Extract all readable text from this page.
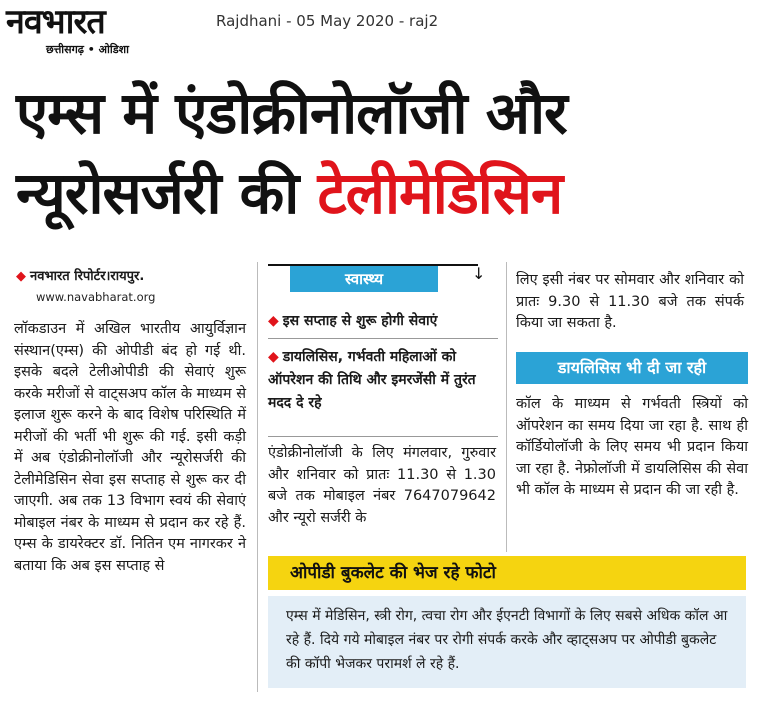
नवभारत
छत्तीसगढ़ • ओडिशा
Rajdhani - 05 May 2020 - raj2
एम्स में एंडोक्रीनोलॉजी और
न्यूरोसर्जरी की टेलीमेडिसिन
◆ नवभारत रिपोर्टर।रायपुर.
www.navabharat.org

लॉकडाउन में अखिल भारतीय आयुर्विज्ञान संस्थान(एम्स) की ओपीडी बंद हो गई थी. इसके बदले टेलीओपीडी की सेवाएं शुरू करके मरीजों से वाट्सअप कॉल के माध्यम से इलाज शुरू करने के बाद विशेष परिस्थिति में मरीजों की भर्ती भी शुरू की गई. इसी कड़ी में अब एंडोक्रीनोलॉजी और न्यूरोसर्जरी की टेलीमेडिसिन सेवा इस सप्ताह से शुरू कर दी जाएगी. अब तक 13 विभाग स्वयं की सेवाएं मोबाइल नंबर के माध्यम से प्रदान कर रहे हैं. एम्स के डायरेक्टर डॉ. नितिन एम नागरकर ने बताया कि अब इस सप्ताह से

स्वास्थ्य	↓
◆ इस सप्ताह से शुरू होगी सेवाएं
◆ डायलिसिस, गर्भवती महिलाओं को ऑपरेशन की तिथि और इमरजेंसी में तुरंत मदद दे रहे

एंडोक्रीनोलॉजी के लिए मंगलवार, गुरुवार और शनिवार को प्रातः 11.30 से 1.30 बजे तक मोबाइल नंबर 7647079642 और न्यूरो सर्जरी के

लिए इसी नंबर पर सोमवार और शनिवार को प्रातः 9.30 से 11.30 बजे तक संपर्क किया जा सकता है.

डायलिसिस भी दी जा रही

कॉल के माध्यम से गर्भवती स्त्रियों को ऑपरेशन का समय दिया जा रहा है. साथ ही कॉर्डियोलॉजी के लिए समय भी प्रदान किया जा रहा है. नेफ्रोलॉजी में डायलिसिस की सेवा भी कॉल के माध्यम से प्रदान की जा रही है.

ओपीडी बुकलेट की भेज रहे फोटो
एम्स में मेडिसिन, स्त्री रोग, त्वचा रोग और ईएनटी विभागों के लिए सबसे अधिक कॉल आ रहे हैं. दिये गये मोबाइल नंबर पर रोगी संपर्क करके और व्हाट्सअप पर ओपीडी बुकलेट की कॉपी भेजकर परामर्श ले रहे हैं.
